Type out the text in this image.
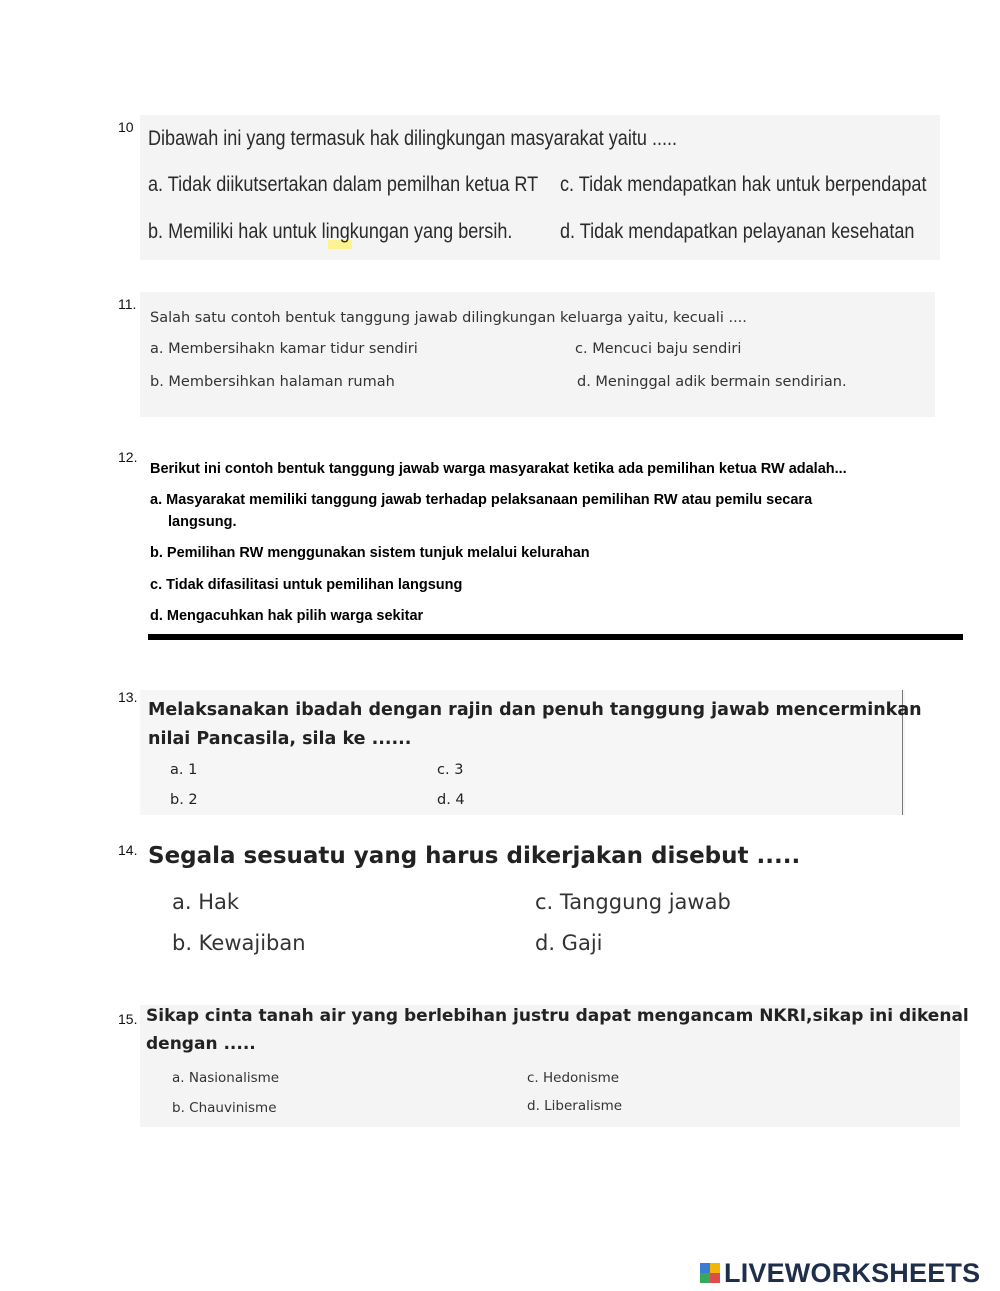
10 Dibawah ini yang termasuk hak dilingkungan masyarakat yaitu .....
a. Tidak diikutsertakan dalam pemilhan ketua RT
b. Memiliki hak untuk lingkungan yang bersih.
c. Tidak mendapatkan hak untuk berpendapat
d. Tidak mendapatkan pelayanan kesehatan
11.
Salah satu contoh bentuk tanggung jawab dilingkungan keluarga yaitu, kecuali ....
a. Membersihakn kamar tidur sendiri
b. Membersihkan halaman rumah
c. Mencuci baju sendiri
d. Meninggal adik bermain sendirian.
12.
Berikut ini contoh bentuk tanggung jawab warga masyarakat ketika ada pemilihan ketua RW adalah...
a. Masyarakat memiliki tanggung jawab terhadap pelaksanaan pemilihan RW atau pemilu secara
langsung.
b. Pemilihan RW menggunakan sistem tunjuk melalui kelurahan
c. Tidak difasilitasi untuk pemilihan langsung
d. Mengacuhkan hak pilih warga sekitar
13.
Melaksanakan ibadah dengan rajin dan penuh tanggung jawab mencerminkan
nilai Pancasila, sila ke ......
a. 1
b. 2
c. 3
d. 4
14. Segala sesuatu yang harus dikerjakan disebut .....
a. Hak
b. Kewajiban
c. Tanggung jawab
d. Gaji
15. Sikap cinta tanah air yang berlebihan justru dapat mengancam NKRI,sikap ini dikenal
dengan .....
a. Nasionalisme
b. Chauvinisme
c. Hedonisme
d. Liberalisme
LIVEWORKSHEETS
